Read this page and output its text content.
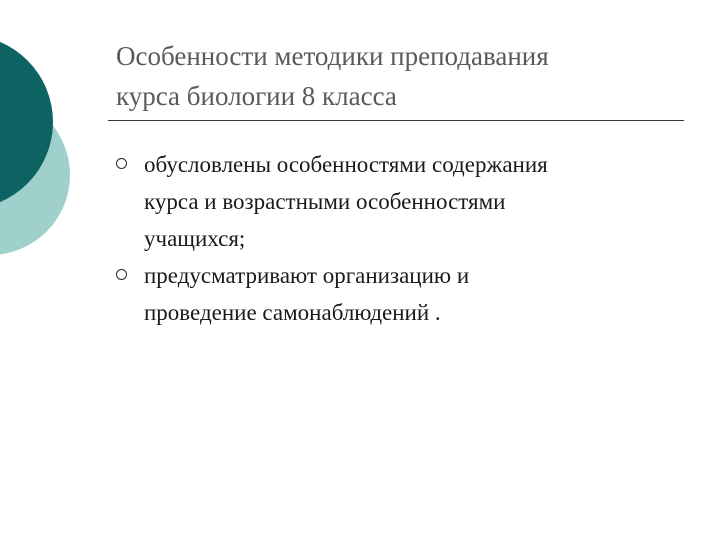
Особенности методики преподавания
курса биологии 8 класса
обусловлены особенностями содержания
курса и возрастными особенностями
учащихся;
предусматривают организацию и
проведение самонаблюдений .
